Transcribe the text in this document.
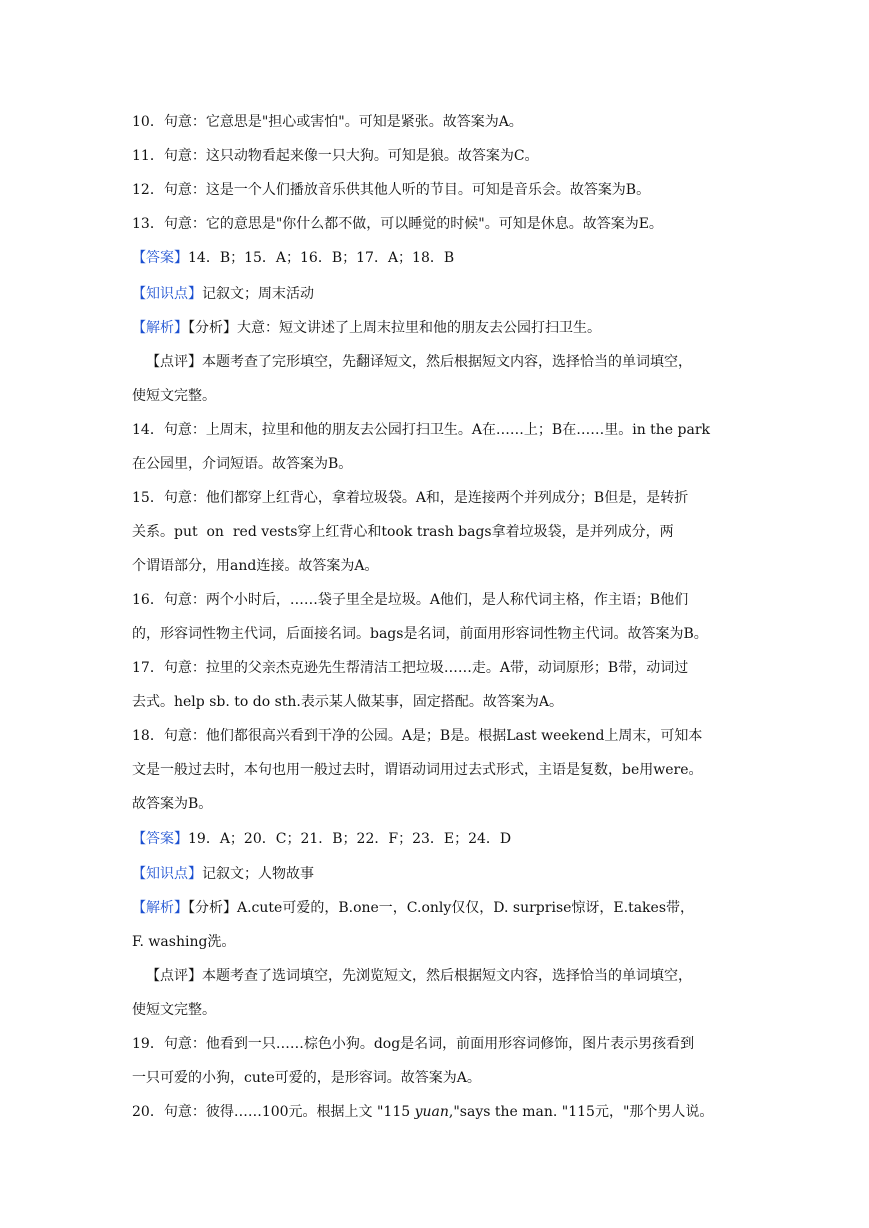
10．句意：它意思是"担心或害怕"。可知是紧张。故答案为A。
11．句意：这只动物看起来像一只大狗。可知是狼。故答案为C。
12．句意：这是一个人们播放音乐供其他人听的节目。可知是音乐会。故答案为B。
13．句意：它的意思是"你什么都不做，可以睡觉的时候"。可知是休息。故答案为E。
【答案】14．B；15．A；16．B；17．A；18．B
【知识点】记叙文；周末活动
【解析】【分析】大意：短文讲述了上周末拉里和他的朋友去公园打扫卫生。
【点评】本题考查了完形填空，先翻译短文，然后根据短文内容，选择恰当的单词填空，
使短文完整。
14．句意：上周末，拉里和他的朋友去公园打扫卫生。A在……上；B在……里。in the park
在公园里，介词短语。故答案为B。
15．句意：他们都穿上红背心，拿着垃圾袋。A和，是连接两个并列成分；B但是，是转折
关系。put  on  red vests穿上红背心和took trash bags拿着垃圾袋，是并列成分，两
个谓语部分，用and连接。故答案为A。
16．句意：两个小时后，……袋子里全是垃圾。A他们，是人称代词主格，作主语；B他们
的，形容词性物主代词，后面接名词。bags是名词，前面用形容词性物主代词。故答案为B。
17．句意：拉里的父亲杰克逊先生帮清洁工把垃圾……走。A带，动词原形；B带，动词过
去式。help sb. to do sth.表示某人做某事，固定搭配。故答案为A。
18．句意：他们都很高兴看到干净的公园。A是；B是。根据Last weekend上周末，可知本
文是一般过去时，本句也用一般过去时，谓语动词用过去式形式，主语是复数，be用were。
故答案为B。
【答案】19．A；20．C；21．B；22．F；23．E；24．D
【知识点】记叙文；人物故事
【解析】【分析】A.cute可爱的，B.one一，C.only仅仅，D. surprise惊讶，E.takes带，
F. washing洗。
【点评】本题考查了选词填空，先浏览短文，然后根据短文内容，选择恰当的单词填空，
使短文完整。
19．句意：他看到一只……棕色小狗。dog是名词，前面用形容词修饰，图片表示男孩看到
一只可爱的小狗，cute可爱的，是形容词。故答案为A。
20．句意：彼得……100元。根据上文 "115 yuan,"says the man. "115元，"那个男人说。
